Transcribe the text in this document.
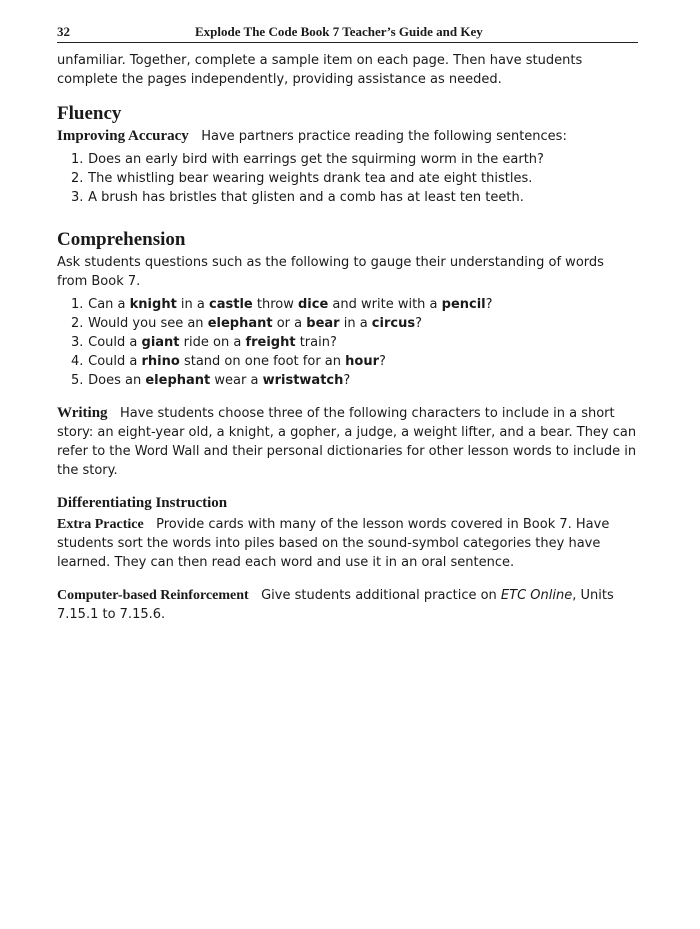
32	Explode The Code Book 7 Teacher’s Guide and Key

unfamiliar. Together, complete a sample item on each page. Then have students complete the pages independently, providing assistance as needed.

Fluency

Improving Accuracy Have partners practice reading the following sentences:

1. Does an early bird with earrings get the squirming worm in the earth?
2. The whistling bear wearing weights drank tea and ate eight thistles.
3. A brush has bristles that glisten and a comb has at least ten teeth.
Comprehension

Ask students questions such as the following to gauge their understanding of words from Book 7.

1. Can a knight in a castle throw dice and write with a pencil?
2. Would you see an elephant or a bear in a circus?
3. Could a giant ride on a freight train?
4. Could a rhino stand on one foot for an hour?
5. Does an elephant wear a wristwatch?

Writing Have students choose three of the following characters to include in a short story: an eight-year old, a knight, a gopher, a judge, a weight lifter, and a bear. They can refer to the Word Wall and their personal dictionaries for other lesson words to include in the story.

Differentiating Instruction

Extra Practice Provide cards with many of the lesson words covered in Book 7. Have students sort the words into piles based on the sound-symbol categories they have learned. They can then read each word and use it in an oral sentence.

Computer-based Reinforcement Give students additional practice on ETC Online, Units 7.15.1 to 7.15.6.
